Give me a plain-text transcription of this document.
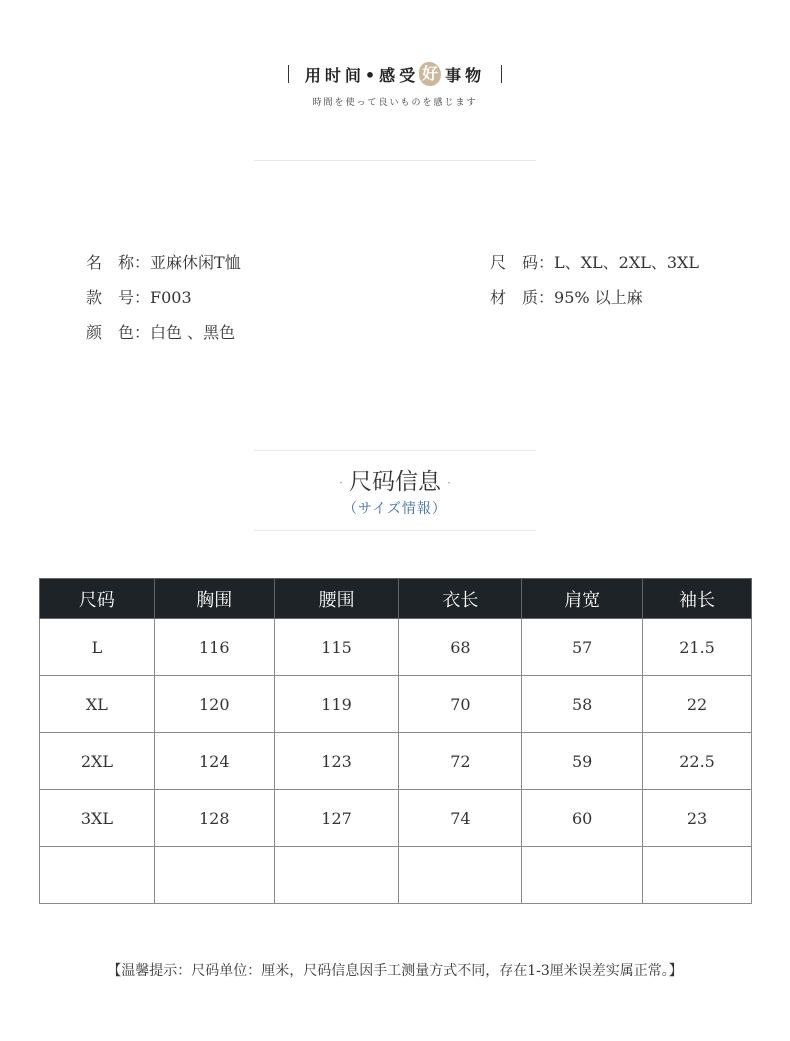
用时间•感受 好 事物
時間を使って良いものを感じます
名　称：亚麻休闲T恤
款　号：F003
颜　色：白色 、黑色
尺　码：L、XL、2XL、3XL
材　质：95% 以上麻
· 尺码信息 ·
（サイズ情報）
尺码	胸围	腰围	衣长	肩宽	袖长
L	116	115	68	57	21.5
XL	120	119	70	58	22
2XL	124	123	72	59	22.5
3XL	128	127	74	60	23

【温馨提示：尺码单位：厘米，尺码信息因手工测量方式不同，存在1-3厘米误差实属正常。】
